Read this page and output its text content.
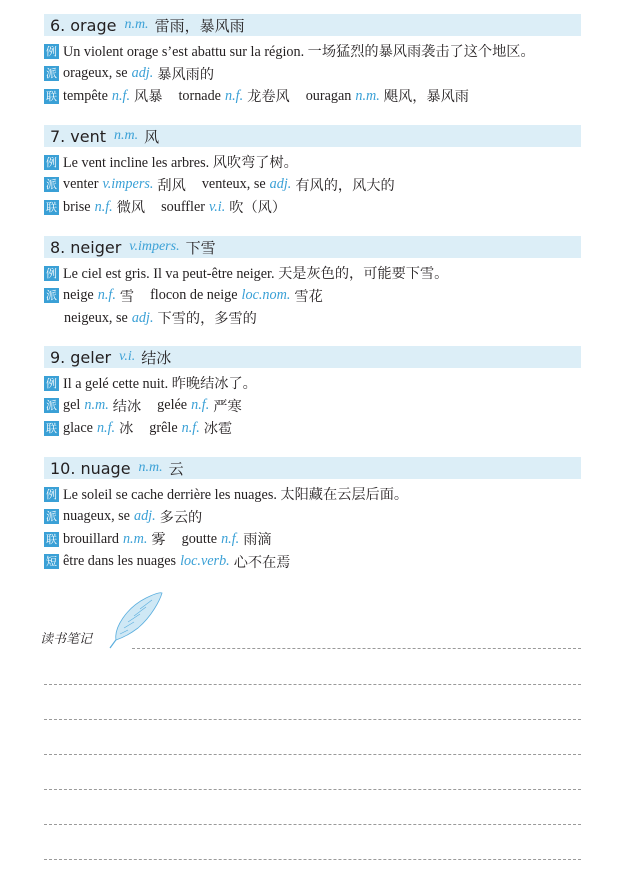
6. orage n.m. 雷雨，暴风雨
例 Un violent orage s’est abattu sur la région. 一场猛烈的暴风雨袭击了这个地区。
派 orageux, se adj. 暴风雨的
联 tempête n.f. 风暴 tornade n.f. 龙卷风 ouragan n.m. 飓风，暴风雨
7. vent n.m. 风
例 Le vent incline les arbres. 风吹弯了树。
派 venter v.impers. 刮风 venteux, se adj. 有风的，风大的
联 brise n.f. 微风 souffler v.i. 吹（风）
8. neiger v.impers. 下雪
例 Le ciel est gris. Il va peut-être neiger. 天是灰色的，可能要下雪。
派 neige n.f. 雪 flocon de neige loc.nom. 雪花
neigeux, se adj. 下雪的，多雪的
9. geler v.i. 结冰
例 Il a gelé cette nuit. 昨晚结冰了。
派 gel n.m. 结冰 gelée n.f. 严寒
联 glace n.f. 冰 grêle n.f. 冰雹
10. nuage n.m. 云
例 Le soleil se cache derrière les nuages. 太阳藏在云层后面。
派 nuageux, se adj. 多云的
联 brouillard n.m. 雾 goutte n.f. 雨滴
短 être dans les nuages loc.verb. 心不在焉
读书笔记
